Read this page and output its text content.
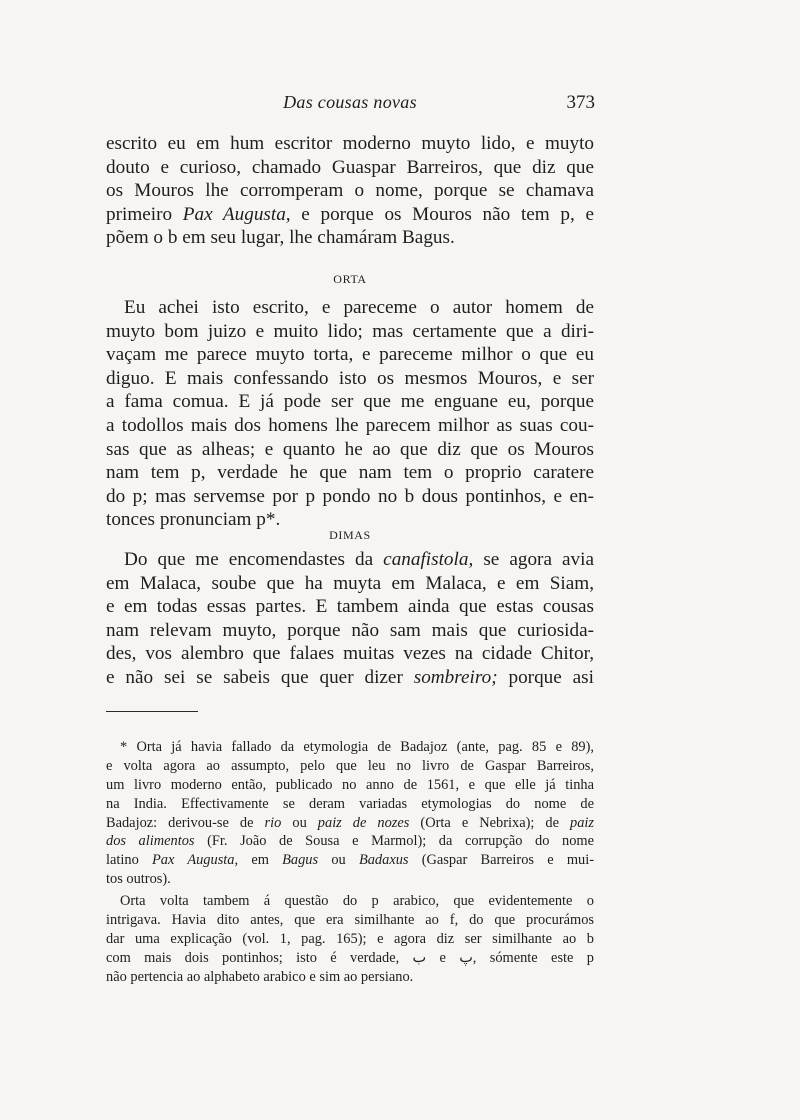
Das cousas novas	373
escrito eu em hum escritor moderno muyto lido, e muyto
douto e curioso, chamado Guaspar Barreiros, que diz que
os Mouros lhe corromperam o nome, porque se chamava
primeiro Pax Augusta, e porque os Mouros não tem p, e
põem o b em seu lugar, lhe chamáram Bagus.
ORTA
Eu achei isto escrito, e pareceme o autor homem de
muyto bom juizo e muito lido; mas certamente que a diri-
vaçam me parece muyto torta, e pareceme milhor o que eu
diguo. E mais confessando isto os mesmos Mouros, e ser
a fama comua. E já pode ser que me enguane eu, porque
a todollos mais dos homens lhe parecem milhor as suas cou-
sas que as alheas; e quanto he ao que diz que os Mouros
nam tem p, verdade he que nam tem o proprio caratere
do p; mas servemse por p pondo no b dous pontinhos, e en-
tonces pronunciam p*.
DIMAS
Do que me encomendastes da canafistola, se agora avia
em Malaca, soube que ha muyta em Malaca, e em Siam,
e em todas essas partes. E tambem ainda que estas cousas
nam relevam muyto, porque não sam mais que curiosida-
des, vos alembro que falaes muitas vezes na cidade Chitor,
e não sei se sabeis que quer dizer sombreiro; porque asi
* Orta já havia fallado da etymologia de Badajoz (ante, pag. 85 e 89),
e volta agora ao assumpto, pelo que leu no livro de Gaspar Barreiros,
um livro moderno então, publicado no anno de 1561, e que elle já tinha
na India. Effectivamente se deram variadas etymologias do nome de
Badajoz: derivou-se de rio ou paiz de nozes (Orta e Nebrixa); de paiz
dos alimentos (Fr. João de Sousa e Marmol); da corrupção do nome
latino Pax Augusta, em Bagus ou Badaxus (Gaspar Barreiros e mui-
tos outros).
Orta volta tambem á questão do p arabico, que evidentemente o
intrigava. Havia dito antes, que era similhante ao f, do que procurámos
dar uma explicação (vol. 1, pag. 165); e agora diz ser similhante ao b
com mais dois pontinhos; isto é verdade, ب e پ, sómente este p
não pertencia ao alphabeto arabico e sim ao persiano.
